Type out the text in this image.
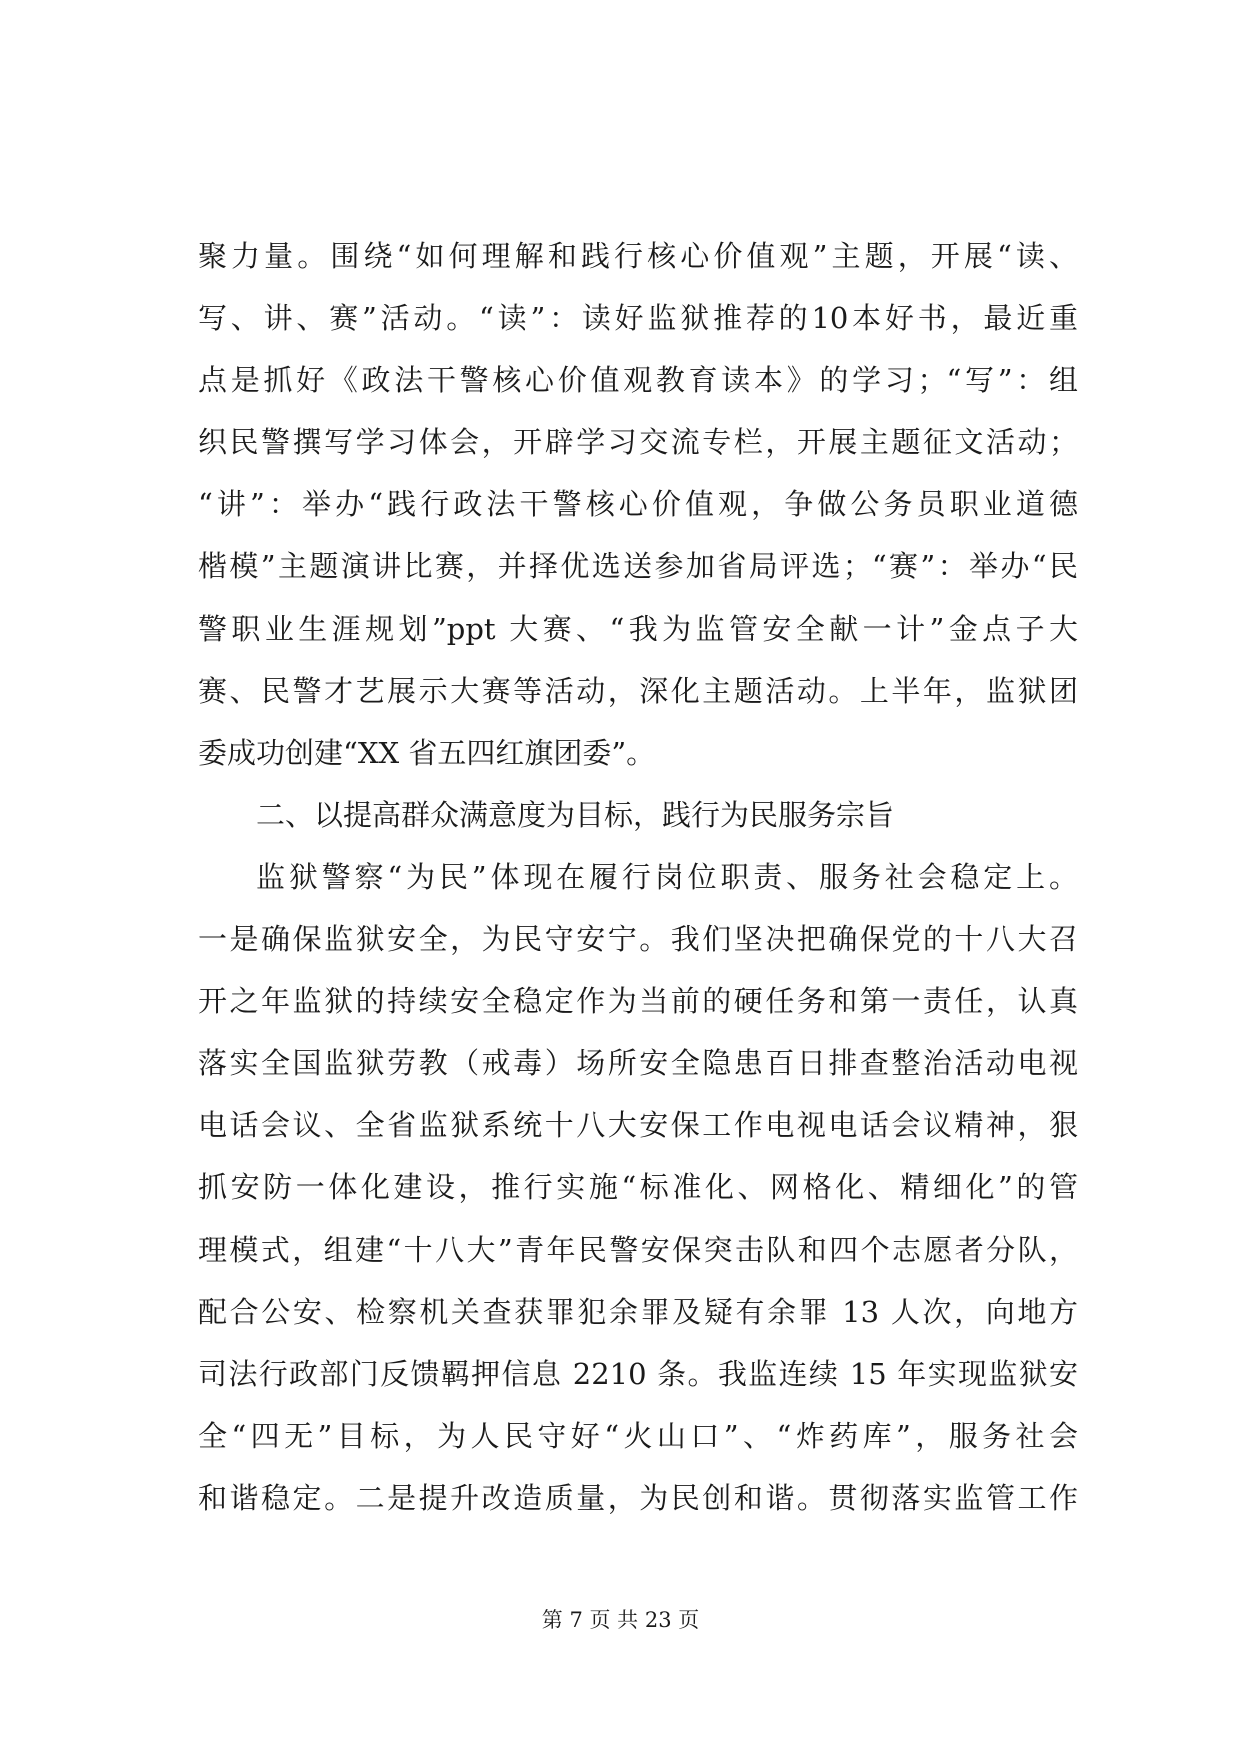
聚力量。围绕“如何理解和践行核心价值观”主题，开展“读、
写、讲、赛”活动。“读”：读好监狱推荐的10本好书，最近重
点是抓好《政法干警核心价值观教育读本》的学习；“写”：组
织民警撰写学习体会，开辟学习交流专栏，开展主题征文活动；
“讲”：举办“践行政法干警核心价值观，争做公务员职业道德
楷模”主题演讲比赛，并择优选送参加省局评选；“赛”：举办“民
警职业生涯规划”ppt 大赛、“我为监管安全献一计”金点子大
赛、民警才艺展示大赛等活动，深化主题活动。上半年，监狱团
委成功创建“XX 省五四红旗团委”。
二、以提高群众满意度为目标，践行为民服务宗旨
监狱警察“为民”体现在履行岗位职责、服务社会稳定上。
一是确保监狱安全，为民守安宁。我们坚决把确保党的十八大召
开之年监狱的持续安全稳定作为当前的硬任务和第一责任，认真
落实全国监狱劳教（戒毒）场所安全隐患百日排查整治活动电视
电话会议、全省监狱系统十八大安保工作电视电话会议精神，狠
抓安防一体化建设，推行实施“标准化、网格化、精细化”的管
理模式，组建“十八大”青年民警安保突击队和四个志愿者分队，
配合公安、检察机关查获罪犯余罪及疑有余罪 13 人次，向地方
司法行政部门反馈羁押信息 2210 条。我监连续 15 年实现监狱安
全“四无”目标，为人民守好“火山口”、“炸药库”，服务社会
和谐稳定。二是提升改造质量，为民创和谐。贯彻落实监管工作
第 7 页 共 23 页
